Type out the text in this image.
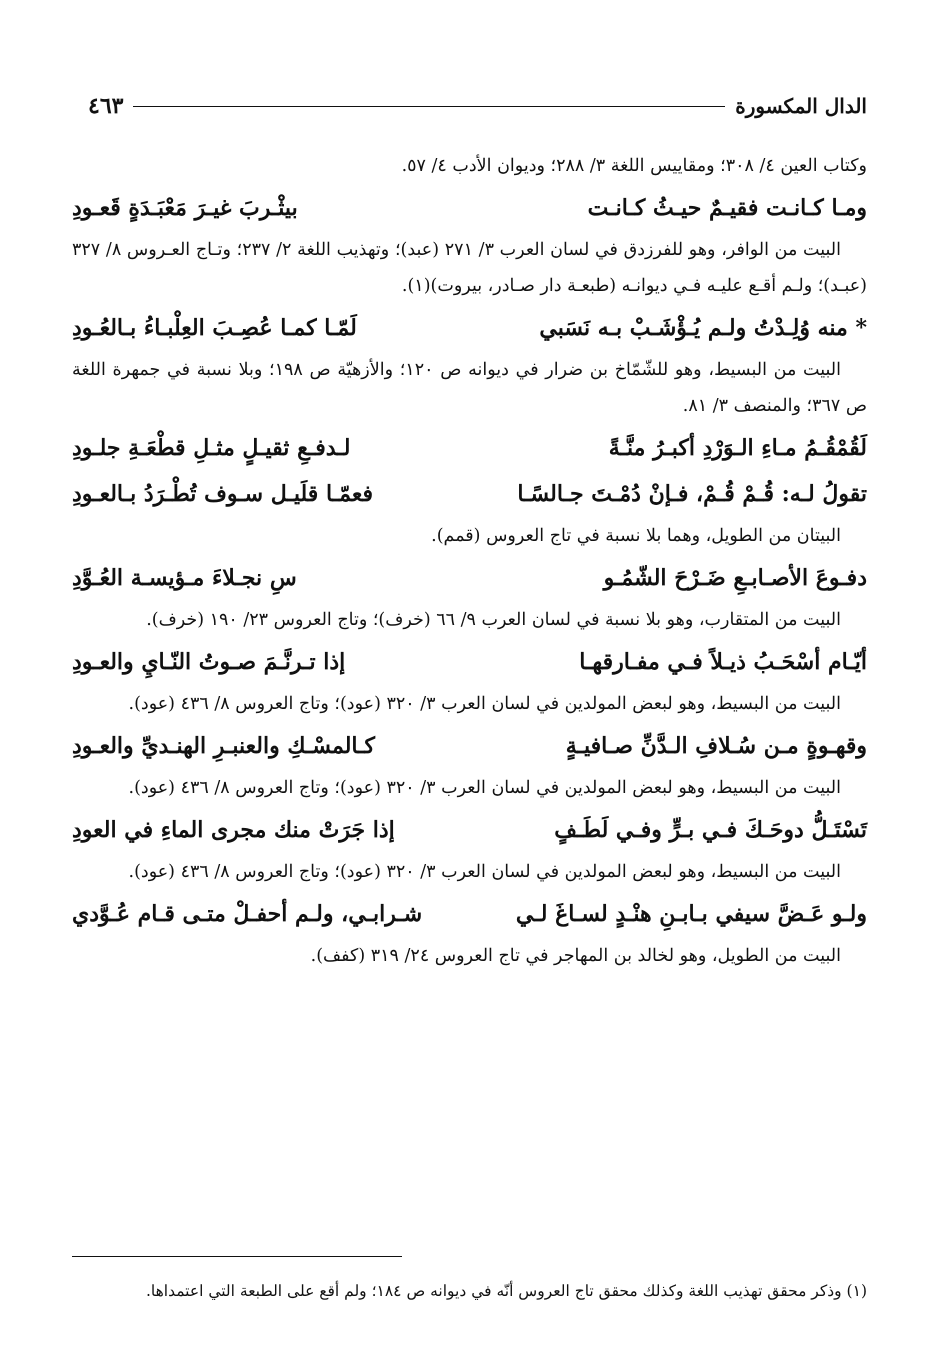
الدال المكسورة
٤٦٣

وكتاب العين ٤/ ٣٠٨؛ ومقاييس اللغة ٣/ ٢٨٨؛ وديوان الأدب ٤/ ٥٧.

ومـا كـانـت فقيـمٌ حيـثُ كـانـت
بيثْـربَ غيـرَ مَعْبَـدَةٍ قَعـودِ

البيت من الوافر، وهو للفرزدق في لسان العرب ٣/ ٢٧١ (عبد)؛ وتهذيب اللغة ٢/ ٢٣٧؛ وتـاج العـروس ٨/ ٣٢٧ (عبـد)؛ ولـم أقـع عليـه فـي ديوانـه (طبعـة دار صـادر، بيروت)(١).

* منه وُلِـدْتُ ولـم يُـؤْشَـبْ بـه نَسَبي
لَمّـا كمـا عُصِـبَ العِلْبـاءُ بـالعُـودِ

البيت من البسيط، وهو للشّمّاخ بن ضرار في ديوانه ص ١٢٠؛ والأزهيّة ص ١٩٨؛ وبلا نسبة في جمهرة اللغة ص ٣٦٧؛ والمنصف ٣/ ٨١.

لَقُمْقُـمُ مـاءِ الـوَرْدِ أكبـرُ منَّـةً
لـدفـعِ ثقيـلٍ مثـلِ قطْعَـةِ جلـودِ
تقولُ لـه: قُـمْ قُـمْ، فـإنْ دُمْـتَ جـالسًـا
فعمّـا قلَيـل سـوف تُطْـرَدُ بـالعـودِ

البيتان من الطويل، وهما بلا نسبة في تاج العروس (قمم).

دفـوعَ الأصـابـعِ ضَـرْحَ الشّمُـو
سِ نجـلاءَ مـؤيسـة العُـوَّدِ

البيت من المتقارب، وهو بلا نسبة في لسان العرب ٩/ ٦٦ (خرف)؛ وتاج العروس ٢٣/ ١٩٠ (خرف).

أيّـام أسْحَـبُ ذيـلاً فـي مفـارقهـا
إذا تـرنَّـمَ صـوتُ النّـايِ والعـودِ

البيت من البسيط، وهو لبعض المولدين في لسان العرب ٣/ ٣٢٠ (عود)؛ وتاج العروس ٨/ ٤٣٦ (عود).

وقهـوةٍ مـن سُـلافِ الـدَّنِّ صـافيـةٍ
كـالمسْـكِ والعنبـرِ الهنـديِّ والعـودِ

البيت من البسيط، وهو لبعض المولدين في لسان العرب ٣/ ٣٢٠ (عود)؛ وتاج العروس ٨/ ٤٣٦ (عود).

تَسْتَـلُّ دوحَـكَ فـي بـرٍّ وفـي لَطَـفٍ
إذا جَرَتْ منك مجرى الماءِ في العودِ

البيت من البسيط، وهو لبعض المولدين في لسان العرب ٣/ ٣٢٠ (عود)؛ وتاج العروس ٨/ ٤٣٦ (عود).

ولـو عَـضَّ سيفي بـابـنِ هنْـدٍ لسـاغَ لـي
شـرابـي، ولـم أحفـلْ متـى قـام عُـوَّدي

البيت من الطويل، وهو لخالد بن المهاجر في تاج العروس ٢٤/ ٣١٩ (كفف).

(١) وذكر محقق تهذيب اللغة وكذلك محقق تاج العروس أنّه في ديوانه ص ١٨٤؛ ولم أقع على الطبعة التي اعتمداها.
